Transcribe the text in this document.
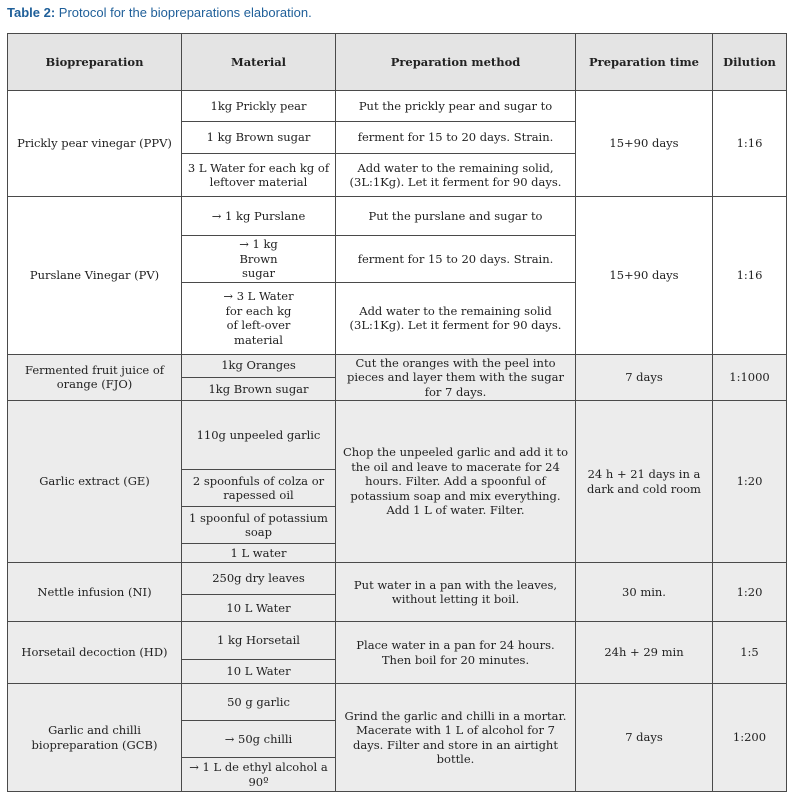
Table 2: Protocol for the biopreparations elaboration.
Biopreparation	Material	Preparation method	Preparation time	Dilution
Prickly pear vinegar (PPV)	1kg Prickly pear	Put the prickly pear and sugar to	15+90 days	1:16
	1 kg Brown sugar	ferment for 15 to 20 days. Strain.		
	3 L Water for each kg of leftover material	Add water to the remaining solid, (3L:1Kg). Let it ferment for 90 days.		
Purslane Vinegar (PV)	→ 1 kg Purslane	Put the purslane and sugar to	15+90 days	1:16
	→ 1 kg Brown sugar	ferment for 15 to 20 days. Strain.		
	→ 3 L Water for each kg of left-over material	Add water to the remaining solid (3L:1Kg). Let it ferment for 90 days.		
Fermented fruit juice of orange (FJO)	1kg Oranges	Cut the oranges with the peel into pieces and layer them with the sugar for 7 days.	7 days	1:1000
	1kg Brown sugar			
Garlic extract (GE)	110g unpeeled garlic	Chop the unpeeled garlic and add it to the oil and leave to macerate for 24 hours. Filter. Add a spoonful of potassium soap and mix everything. Add 1 L of water. Filter.	24 h + 21 days in a dark and cold room	1:20
	2 spoonfuls of colza or rapessed oil			
	1 spoonful of potassium soap			
	1 L water			
Nettle infusion (NI)	250g dry leaves	Put water in a pan with the leaves, without letting it boil.	30 min.	1:20
	10 L Water			
Horsetail decoction (HD)	1 kg Horsetail	Place water in a pan for 24 hours. Then boil for 20 minutes.	24h + 29 min	1:5
	10 L Water			
Garlic and chilli biopreparation (GCB)	50 g garlic	Grind the garlic and chilli in a mortar. Macerate with 1 L of alcohol for 7 days. Filter and store in an airtight bottle.	7 days	1:200
	→ 50g chilli			
	→ 1 L de ethyl alcohol a 90º			
